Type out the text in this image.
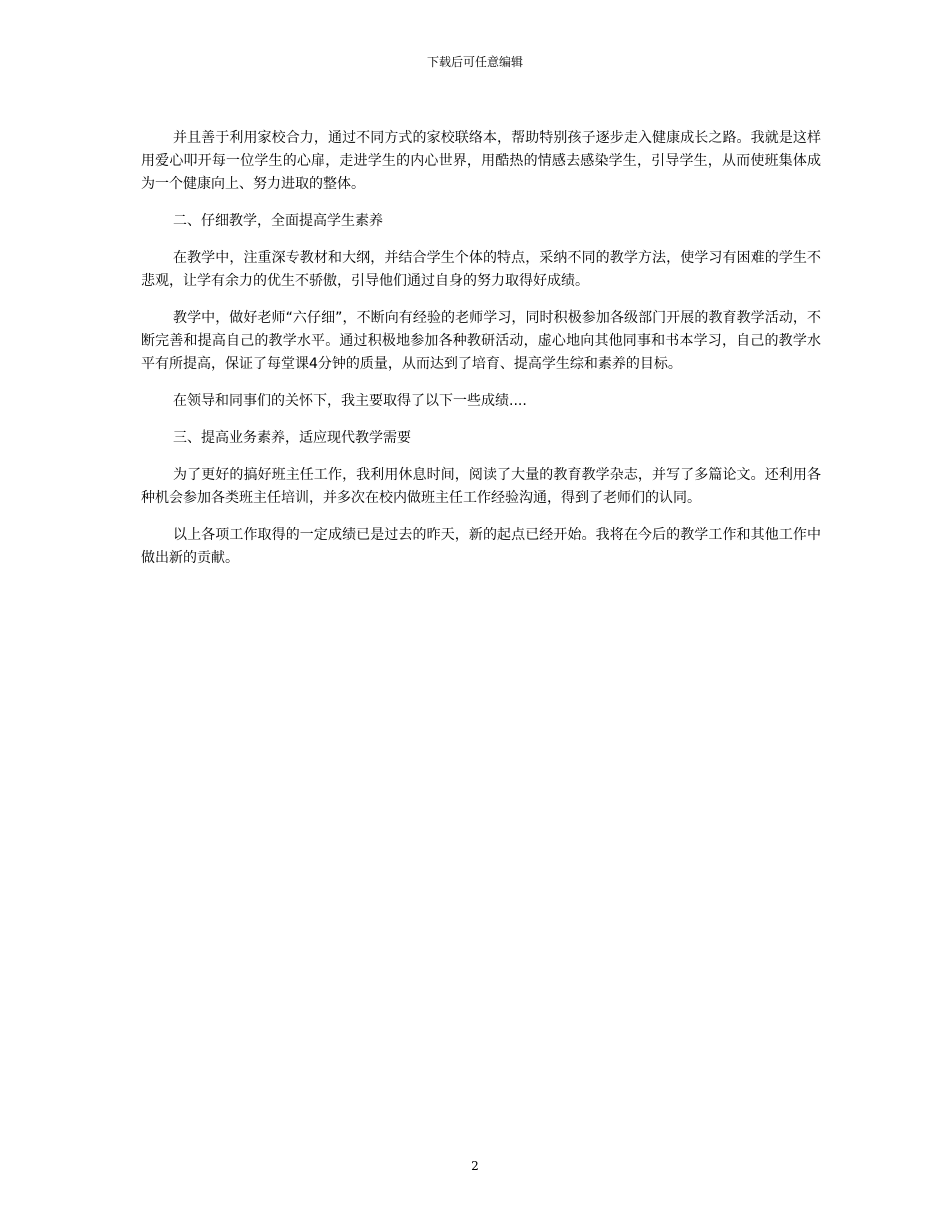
下载后可任意编辑

并且善于利用家校合力，通过不同方式的家校联络本，帮助特别孩子逐步走入健康成长之路。我就是这样用爱心叩开每一位学生的心扉，走进学生的内心世界，用酷热的情感去感染学生，引导学生，从而使班集体成为一个健康向上、努力进取的整体。

二、仔细教学，全面提高学生素养

在教学中，注重深专教材和大纲，并结合学生个体的特点，采纳不同的教学方法，使学习有困难的学生不悲观，让学有余力的优生不骄傲，引导他们通过自身的努力取得好成绩。

教学中，做好老师“六仔细”，不断向有经验的老师学习，同时积极参加各级部门开展的教育教学活动，不断完善和提高自己的教学水平。通过积极地参加各种教研活动，虚心地向其他同事和书本学习，自己的教学水平有所提高，保证了每堂课4分钟的质量，从而达到了培育、提高学生综和素养的目标。

在领导和同事们的关怀下，我主要取得了以下一些成绩....

三、提高业务素养，适应现代教学需要

为了更好的搞好班主任工作，我利用休息时间，阅读了大量的教育教学杂志，并写了多篇论文。还利用各种机会参加各类班主任培训，并多次在校内做班主任工作经验沟通，得到了老师们的认同。

以上各项工作取得的一定成绩已是过去的昨天，新的起点已经开始。我将在今后的教学工作和其他工作中做出新的贡献。

2
